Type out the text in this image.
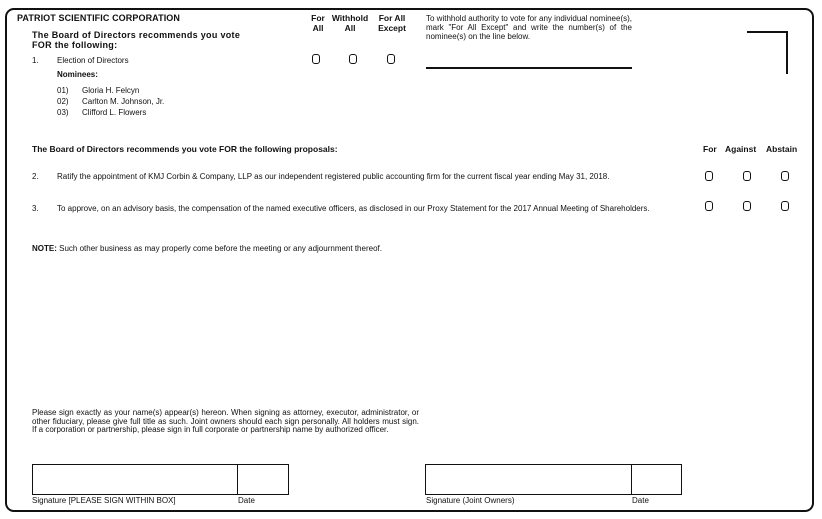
PATRIOT SCIENTIFIC CORPORATION
The Board of Directors recommends you vote
FOR the following:
For
All
Withhold
All
For All
Except
To withhold authority to vote for any individual nominee(s), mark "For All Except" and write the number(s) of the nominee(s) on the line below.
1. Election of Directors
Nominees:
01) Gloria H. Felcyn
02) Carlton M. Johnson, Jr.
03) Clifford L. Flowers
The Board of Directors recommends you vote FOR the following proposals:	For Against Abstain
2. Ratify the appointment of KMJ Corbin & Company, LLP as our independent registered public accounting firm for the current fiscal year ending May 31, 2018.
3. To approve, on an advisory basis, the compensation of the named executive officers, as disclosed in our Proxy Statement for the 2017 Annual Meeting of Shareholders.
NOTE: Such other business as may properly come before the meeting or any adjournment thereof.
Please sign exactly as your name(s) appear(s) hereon. When signing as attorney, executor, administrator, or other fiduciary, please give full title as such. Joint owners should each sign personally. All holders must sign. If a corporation or partnership, please sign in full corporate or partnership name by authorized officer.
Signature [PLEASE SIGN WITHIN BOX]	Date	Signature (Joint Owners)	Date
